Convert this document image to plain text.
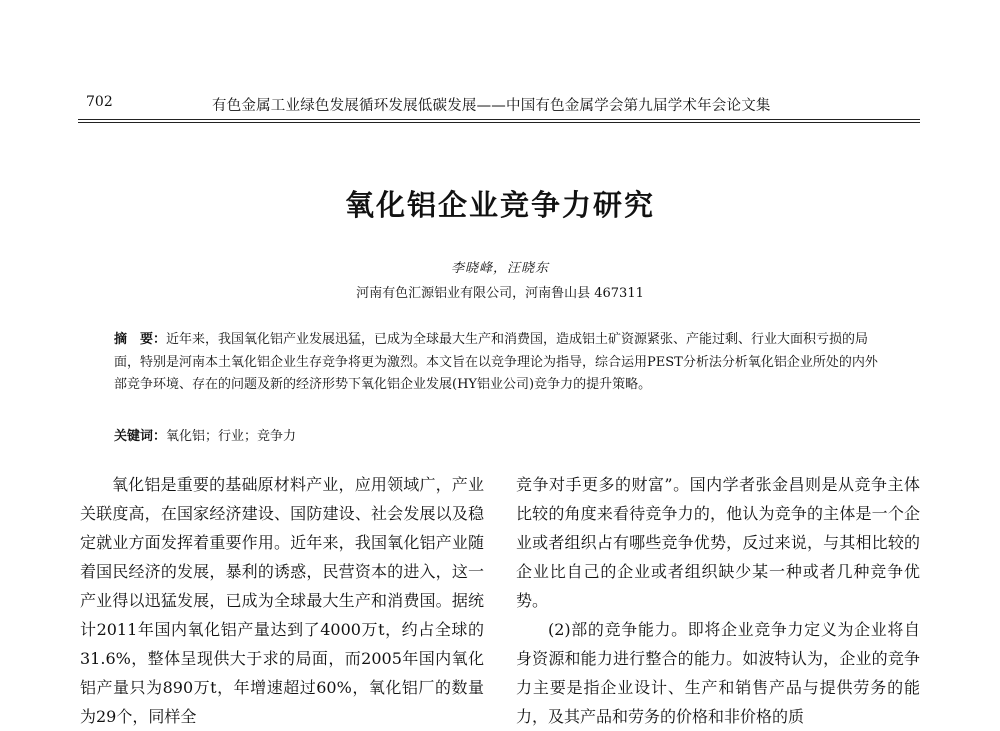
702	有色金属工业绿色发展循环发展低碳发展——中国有色金属学会第九届学术年会论文集
氧化铝企业竞争力研究
李晓峰，汪晓东
河南有色汇源铝业有限公司，河南鲁山县 467311

摘　要：近年来，我国氧化铝产业发展迅猛，已成为全球最大生产和消费国，造成铝土矿资源紧张、产能过剩、行业大面积亏损的局面，特别是河南本土氧化铝企业生存竞争将更为激烈。本文旨在以竞争理论为指导，综合运用PEST分析法分析氧化铝企业所处的内外部竞争环境、存在的问题及新的经济形势下氧化铝企业发展(HY铝业公司)竞争力的提升策略。

关键词：氧化铝；行业；竞争力

氧化铝是重要的基础原材料产业，应用领域广，产业关联度高，在国家经济建设、国防建设、社会发展以及稳定就业方面发挥着重要作用。近年来，我国氧化铝产业随着国民经济的发展，暴利的诱惑，民营资本的进入，这一产业得以迅猛发展，已成为全球最大生产和消费国。据统计2011年国内氧化铝产量达到了4000万t，约占全球的31.6%，整体呈现供大于求的局面，而2005年国内氧化铝产量只为890万t，年增速超过60%，氧化铝厂的数量为29个，同样全

竞争对手更多的财富”。国内学者张金昌则是从竞争主体比较的角度来看待竞争力的，他认为竞争的主体是一个企业或者组织占有哪些竞争优势，反过来说，与其相比较的企业比自己的企业或者组织缺少某一种或者几种竞争优势。

(2)部的竞争能力。即将企业竞争力定义为企业将自身资源和能力进行整合的能力。如波特认为，企业的竞争力主要是指企业设计、生产和销售产品与提供劳务的能力，及其产品和劳务的价格和非价格的质
